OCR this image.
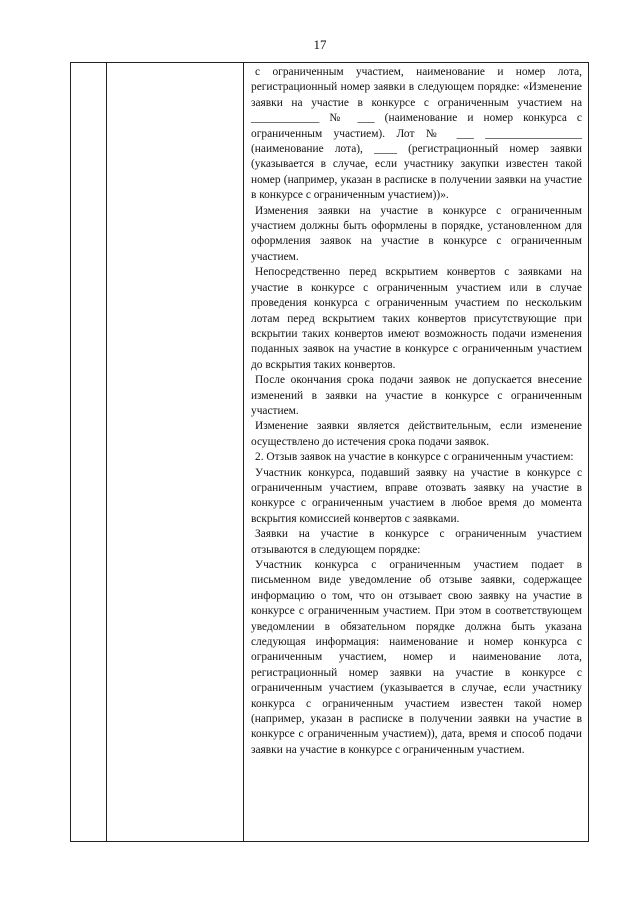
17

с ограниченным участием, наименование и номер лота, регистрационный номер заявки в следующем порядке: «Изменение заявки на участие в конкурсе с ограниченным участием на ____________ № ___ (наименование и номер конкурса с ограниченным участием). Лот № ___ _________________ (наименование лота), ____ (регистрационный номер заявки (указывается в случае, если участнику закупки известен такой номер (например, указан в расписке в получении заявки на участие в конкурсе с ограниченным участием))».

Изменения заявки на участие в конкурсе с ограниченным участием должны быть оформлены в порядке, установленном для оформления заявок на участие в конкурсе с ограниченным участием.

Непосредственно перед вскрытием конвертов с заявками на участие в конкурсе с ограниченным участием или в случае проведения конкурса с ограниченным участием по нескольким лотам перед вскрытием таких конвертов присутствующие при вскрытии таких конвертов имеют возможность подачи изменения поданных заявок на участие в конкурсе с ограниченным участием до вскрытия таких конвертов.

После окончания срока подачи заявок не допускается внесение изменений в заявки на участие в конкурсе с ограниченным участием.

Изменение заявки является действительным, если изменение осуществлено до истечения срока подачи заявок.

2. Отзыв заявок на участие в конкурсе с ограниченным участием:

Участник конкурса, подавший заявку на участие в конкурсе с ограниченным участием, вправе отозвать заявку на участие в конкурсе с ограниченным участием в любое время до момента вскрытия комиссией конвертов с заявками.

Заявки на участие в конкурсе с ограниченным участием отзываются в следующем порядке:

Участник конкурса с ограниченным участием подает в письменном виде уведомление об отзыве заявки, содержащее информацию о том, что он отзывает свою заявку на участие в конкурсе с ограниченным участием. При этом в соответствующем уведомлении в обязательном порядке должна быть указана следующая информация: наименование и номер конкурса с ограниченным участием, номер и наименование лота, регистрационный номер заявки на участие в конкурсе с ограниченным участием (указывается в случае, если участнику конкурса с ограниченным участием известен такой номер (например, указан в расписке в получении заявки на участие в конкурсе с ограниченным участием)), дата, время и способ подачи заявки на участие в конкурсе с ограниченным участием.
